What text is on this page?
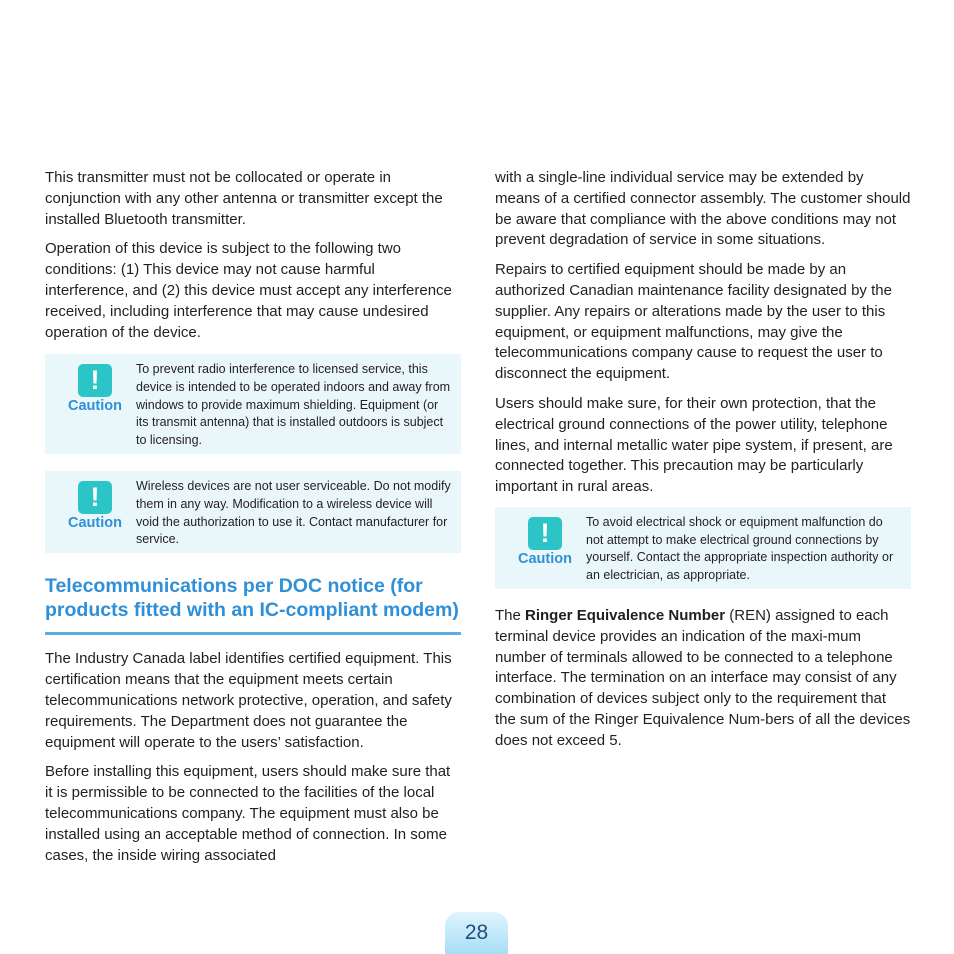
This transmitter must not be collocated or operate in conjunction with any other antenna or transmitter except the installed Bluetooth transmitter.

Operation of this device is subject to the following two conditions: (1) This device may not cause harmful interference, and (2) this device must accept any interference received, including interference that may cause undesired operation of the device.

!
Caution
To prevent radio interference to licensed service, this device is intended to be operated indoors and away from windows to provide maximum shielding. Equipment (or its transmit antenna) that is installed outdoors is subject to licensing.
!
Caution
Wireless devices are not user serviceable. Do not modify them in any way. Modification to a wireless device will void the authorization to use it. Contact manufacturer for service.
Telecommunications per DOC notice (for products fitted with an IC-compliant modem)

The Industry Canada label identifies certified equipment. This certification means that the equipment meets certain telecommunications network protective, operation, and safety requirements. The Department does not guarantee the equipment will operate to the users’ satisfaction.

Before installing this equipment, users should make sure that it is permissible to be connected to the facilities of the local telecommunications company. The equipment must also be installed using an acceptable method of connection. In some cases, the inside wiring associated

with a single-line individual service may be extended by means of a certified connector assembly. The customer should be aware that compliance with the above conditions may not prevent degradation of service in some situations.

Repairs to certified equipment should be made by an authorized Canadian maintenance facility designated by the supplier. Any repairs or alterations made by the user to this equipment, or equipment malfunctions, may give the telecommunications company cause to request the user to disconnect the equipment.

Users should make sure, for their own protection, that the electrical ground connections of the power utility, telephone lines, and internal metallic water pipe system, if present, are connected together. This precaution may be particularly important in rural areas.

!
Caution
To avoid electrical shock or equipment malfunction do not attempt to make electrical ground connections by yourself. Contact the appropriate inspection authority or an electrician, as appropriate.

The Ringer Equivalence Number (REN) assigned to each terminal device provides an indication of the maxi-mum number of terminals allowed to be connected to a telephone interface. The termination on an interface may consist of any combination of devices subject only to the requirement that the sum of the Ringer Equivalence Num-bers of all the devices does not exceed 5.

28
